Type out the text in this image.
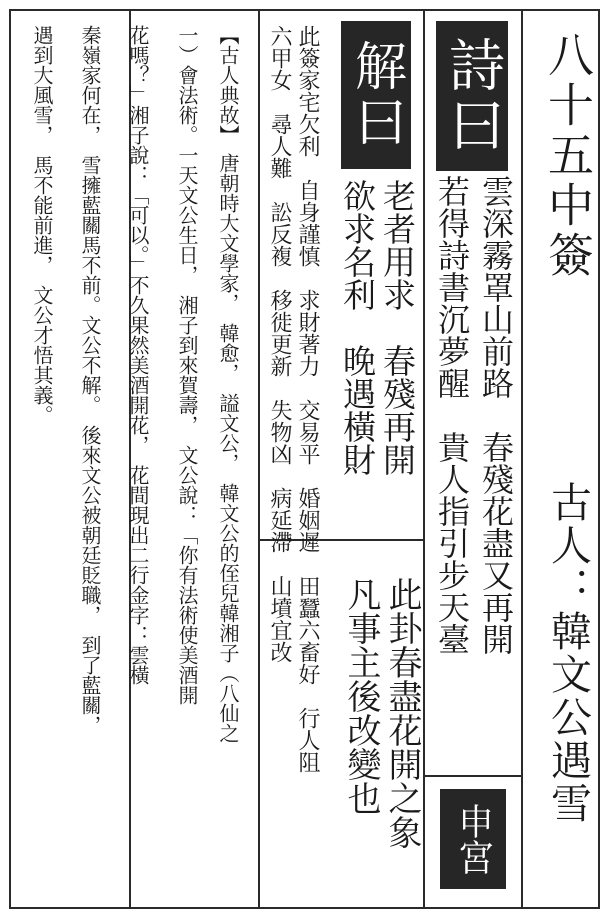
八十五中簽
古人：韓文公遇雪
詩曰
雲深霧罩山前路　春殘花盡又再開
若得詩書沉夢醒　貴人指引步天臺
申宮
解曰
老者用求　春殘再開
欲求名利　晚遇橫財
此卦春盡花開之象
凡事主後改變也
此簽家宅欠利　自身謹慎　求財著力　交易平　婚姻遲　田蠶六畜好　行人阻
六甲女　尋人難　訟反複　移徙更新　失物凶　病延滯　山墳宜改
【古人典故】
唐朝時大文學家，　韓愈，　謚文公，　韓文公的侄兒韓湘子（八仙之
一）會法術。一天文公生日，　湘子到來賀壽，　文公說：「你有法術使美酒開
花嗎？」湘子說：「可以。」不久果然美酒開花，　花間現出二行金字：雲橫
秦嶺家何在，　雪擁藍關馬不前。文公不解。　後來文公被朝廷貶職，　到了藍關，
遇到大風雪，　馬不能前進，　文公才悟其義。
